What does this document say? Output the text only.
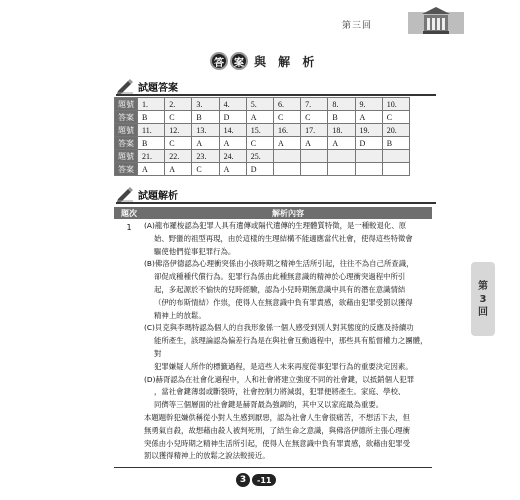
第三回
第
3
回
答	案 與 解 析
試題答案
題號	1.	2.	3.	4.	5.	6.	7.	8.	9.	10.
答案	B	C	B	D	A	C	C	B	A	C
題號	11.	12.	13.	14.	15.	16.	17.	18.	19.	20.
答案	B	C	A	A	C	A	A	A	D	B
題號	21.	22.	23.	24.	25.					
答案	A	A	C	A	D					
試題解析
題次	解析內容
1	(A)龍布羅梭認為犯罪人具有遺傳或隔代遺傳的生理體質特徵，是一種較退化、原

始、野蠻的祖型再現，由於這樣的生理結構不能適應當代社會，使得這些特徵會

驅使他們從事犯罪行為。

(B)佛洛伊德認為心理衝突係由小孩時期之精神生活所引起，往往不為自己所查識，

卻促成種種代償行為。犯罪行為係由此種無意識的精神於心理衝突過程中所引

起，多起源於不愉快的兒時經驗，認為小兒時期無意識中具有的潛在意識情結

（伊的布斯情結）作祟，使得人在無意識中負有罪責感，欲藉由犯罪受罰以獲得

精神上的放鬆。

(C)貝克與李瑪特認為個人的自我形象係一個人感受到別人對其態度的反應及持續功

能所產生，該理論認為偏差行為是在與社會互動過程中，那些具有監督權力之團體，對

犯罪嫌疑人所作的標籤過程，是這些人未來再度從事犯罪行為的重要決定因素。

(D)赫胥認為在社會化過程中，人和社會將建立強度不同的社會鍵，以抵銷個人犯罪

，當社會鍵薄弱或斷裂時，社會控制力將減弱，犯罪便將產生。家庭、學校、

同儕等三個層面的社會鍵是赫胥最為強調的，其中又以家庭最為重要。

本題題幹犯嫌供稱從小對人生感到厭惡，認為社會人生會很痛苦，不想活下去，但

無勇氣自殺，故想藉由殺人被判死刑，了結生命之意識，與佛洛伊德所主張心理衝

突係由小兒時期之精神生活所引起，使得人在無意識中負有罪責感，欲藉由犯罪受

罰以獲得精神上的放鬆之說法較接近。

3	-11
